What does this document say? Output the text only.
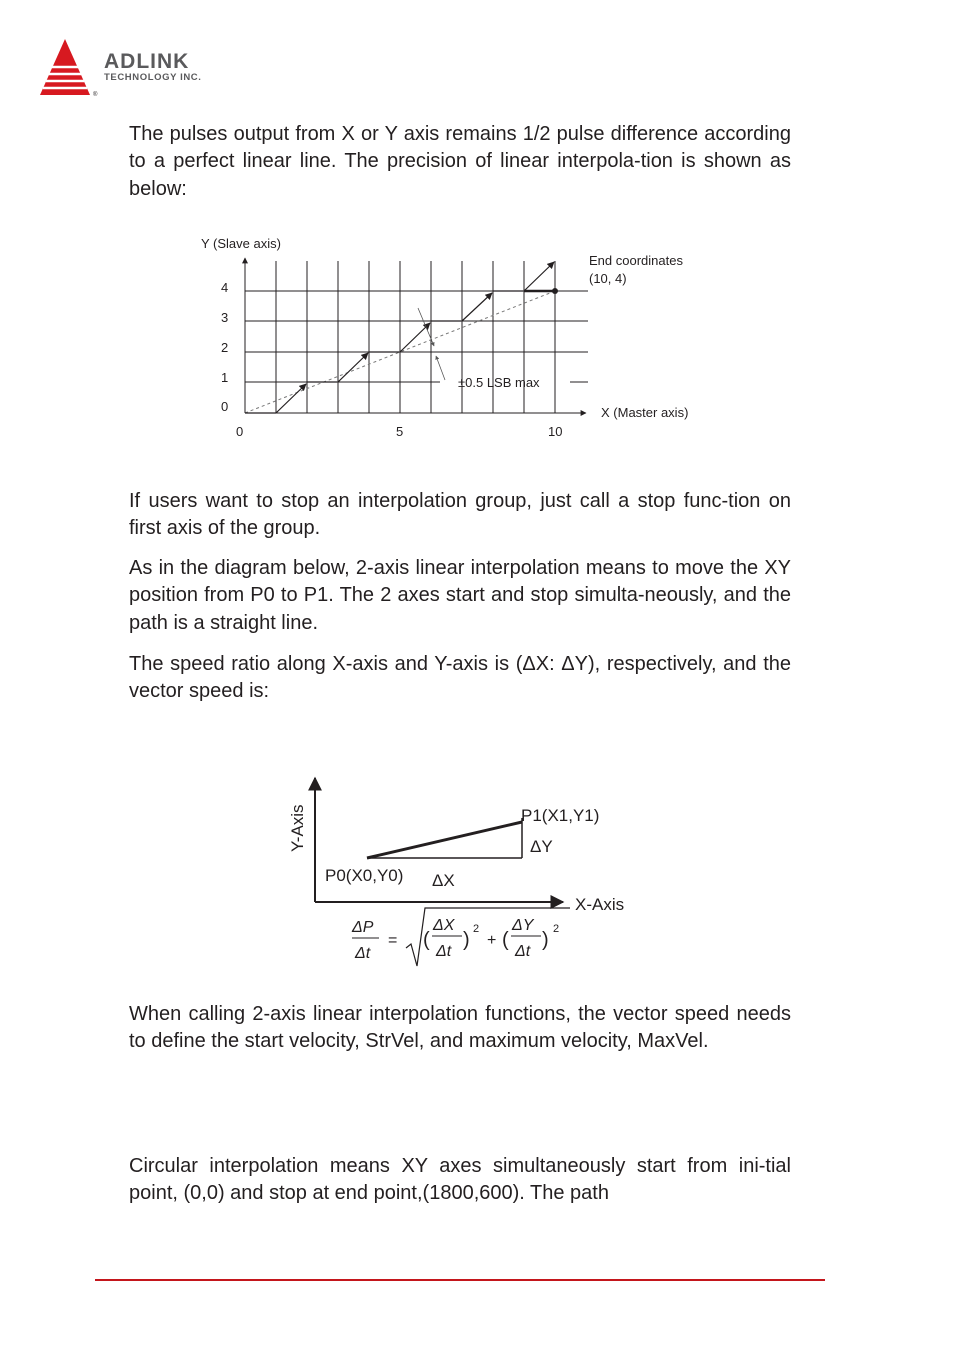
®
ADLINK
TECHNOLOGY INC.

The pulses output from X or Y axis remains 1/2 pulse difference according to a perfect linear line. The precision of linear interpola-tion is shown as below:

Y (Slave axis)
X (Master axis)
End coordinates
(10, 4)
±0.5 LSB max
0
1
2
3
4
0	5	10

If users want to stop an interpolation group, just call a stop func-tion on first axis of the group.

As in the diagram below, 2-axis linear interpolation means to move the XY position from P0 to P1. The 2 axes start and stop simulta-neously, and the path is a straight line.

The speed ratio along X-axis and Y-axis is (ΔX: ΔY), respectively, and the vector speed is:

Y-Axis
X-Axis
P0(X0,Y0)
P1(X1,Y1)
ΔX
ΔY
ΔP
Δt
= (
ΔX
Δt
) 2
+ (
ΔY
Δt
) 2

When calling 2-axis linear interpolation functions, the vector speed needs to define the start velocity, StrVel, and maximum velocity, MaxVel.

Circular interpolation means XY axes simultaneously start from ini-tial point, (0,0) and stop at end point,(1800,600). The path
